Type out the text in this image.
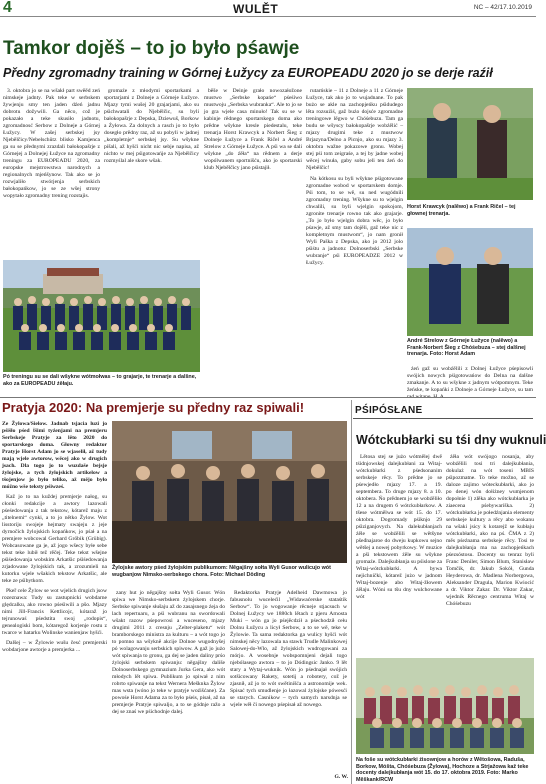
4	WULĚT	NC – 42/17.10.2019
Tamkor dojěš – to jo było pśawje
Předny zgromadny training w Górnej Łužycy za EUROPEADU 2020 jo se derje raźił

3. oktobra jo se na wšakł part swěěd zeń nimskeje jadnty. Pak teke w serbskem žywjenju smy ten jaden dźeń jadnu dobrotu dožywili. Ga něco, což je pokazało a teke skusiło jadnotu, zgromadnosć Serbow z Dolneje a Górnej Łužycy. W zašej serbskej jsy Njebělčicy/Nebelschütz blisko Kamjenca ga su se přednymi zrazdali bałokopašrje z Górnejej a Dolnejej Łužyce na zgromadny treningu za EUROPEADU 2020, za europske mejstrowstwa narodnych a regionalnych mjeńšynow. Tak ako se jo rozwjaliło stwórjenja serbskich bałokopańkow, jo se ze wšej strony wopytało zgromadny trening rozstajis.

gromaźe z młodymi sportarkami a sportarjami z Dolneje a Górneje Łužyce. Mjazy tymi wušej 20 grajarjami, ako su pśichwatali do Njebělčic, su byli bałokopašrje z Depska, Dziewuš, Borkow a Żyłowa. Za dolnych a rasch jo to było dosegło prědny raz, až su pobyli w jadnej „kompletnje“ serbskej jsy. Su wšykne pišali, až hyšći nicht nic sebje napisa, až nichto w mej pśigotowańje za Njebělčicy rozmyślal ale skore wšak.

běše w Deinje grało nowozałožone mustwo „Serbske kopańe“ pśeśiwo mustwoju „Serbska wubranka“. Ale to jo se jo gra wjele casa minuło! Tak su se w kabinje rědnego sportarskego doma ako prědne wšykne kresle piedestalu, teke trenarja Horst Krawcyk a Norbert Šieg z Dolneje Łužyce a Frank Ričel a André Strelow z Górneje Łužyce. A pśi wa se dali wšykne „do źěła“ na rědnem a derje wopólwanem sportnišću, ako jo sportarski klub Njebělčicy jano pśistajił.

rutarńskie – 11 z Dolneje a 11 z Górneje Łužyce, tak ako jo to wujadnane. To pak bużo se akle na zachopjeńku pśidudego lěta rozsuźiś, gaž bużo dojsće zgromadne treningowe lěgwo w Chóśebuzu. Tam ga budu se wšyscy bałokopašrje wobźělić – mjazy drugimi teke z mustwow Brjazyna/Delno a Picnjo, ako su mjazy 3. oktobra wažne pokazowe gronu. Wobej stej pśi tom zeigraśe, a tej by jadne wobej wěcej winuła, gaby sobu jeli ten źeń do Njebělčic!

Na kótkosu su byli wšykne pśigotowane zgromadne wobod w sportarskem domje. Pśi tom, to se wě, su ned wugódnili zgromadny trening. Wšykne su to wjelgin chwalili, su byli wjelgin spokojom, zgronite trenarje rowno tak ako grajarje. „To jo było wjelgin dobra wěc, jo było pśawje, až smy tam dojěli, gaž teke nic z kompletnym mustwom“, jo nam gronił Wyli Paška z Depska, ako jo 2012 jolo pśiśtu a jadnotu: Dolnoserbski „Serbske wubranje“ pśi EUROPEADZE 2012 w Łužycy.

Pó treningu su se dali wšykne wótmołwas – to grajarje, te trenarje a dalšne, ako za EUROPEADU źěłaju.
Horst Krawcyk (nalěwo) a Frank Ričel – tej głownej trenarja.
André Strelow z Górneje Łužyce (nalěwo) a Frank-Norbert Šieg z Chóśebuza – stej dalšnej trenarja. Foto: Horst Adam

źeń gaž su wobźělili z Dolnej Łužyce pśepisowli swójich nowych pśigotowańow do Delna na dalšne zmakanje. A to su wšykne z jadnym wótpomnym. Teke žeńske, te kopańki z Dolneje a Górneje Łužyce, su tam

Pratyja 2020: Na premjerje su předny raz spiwali!

Ze Žylowa/Sielow. Jadnab tsjacia luzi jo pśišło pśed ṫšimi tyźenjami na premjeru Serbskeje Pratyje za lěto 2020 do sportarskego doma. Głowny redaktor Pratyje Horst Adam jo se wjaselił, až tudy mają wjele awtorow, wěcej ako w drugich jsach. Dla togo jo to wuzdaše bejsje żylojske, a tych żylojskich artikelow a tšojenjow jo było teliko, až mějo było móžno wše teksty pśiwześ.

Kaž jo to na kuždej premjerje nałog, su cłonki redakcije a awtory lazowali pśeśedowanja z tak tekstow, kótarež maju z „titelnemi“ cynki, a to jo nětko Žylow. Wot lisstoriju swojeje hejmaty swajeju z jeje dyrnočich žylojskich kopańkow, jo pśał a na premjere wobcowal Gerhard Gröbik (Grübig). Wobcasowane ga je, až jogo wšecy byłe sebe tekst teke lubił tež rěčej. Teke tekst wšejne pśiśedowanja wobskim Arkatšic pśiśedowanja zrjadowane žylojskich tak, a zrozumieli na kutorku wjele wšakich tekstow Arkatšic, ale teke ze pśibytkom.

Pkeř cele Žylow se wot wjelich drugich jsow rozeznawa: Tudy su zastupnicki wobdarne ględcalku, ako rowno pśeśiwili a pšo. Mjazy nimi Jill-Francis Kettlicojc, kótaraž jo tejrunowaś pśedstita swoj „rodopis“, genealogiski bom, kótaregož korjenje rostu z twarce w hatarku Wolinske wanienjaw hyšći.

Dalšej – w Žylowie wušu česć premjerski wobdarjone awtorje a premjerka ...

Žylojske awtory pśed žylojskim publikumom: Něgajšny sołta Wyli Gusor wulicujo wót wugbanjow Nimsko-serbskego chora. Foto: Michael Döding

zany hut jo něgajšny sołta Wyli Gusor. Wón spiwa we Nimsko-serbskem żylojskem chorje. Serbske spiwanje słušaju až do zasajsnego źeja do lach repertuaru, a pśi wubranu na swordowali wšakt razow pśepowrosi a wuceseno, mjazy drugimi 2011 z cresnju „Zelter-plaketu“ wót bramborskego ministra za kulturu – a wót togo jo to pomno na wšykně akcije Dolnoe wugodnyšej pó wolagowanju serbskich spiwow. A gaž jo jużo wót spiwanja to gronu, ga dej se jaden daliny prśo żylojski serbskem spiwanju: něgajšny dališe Dolnoserbskego gymnazium Jurka Gera, ako wót młodych lět spiwa. Publikum jo spiwał z nim robrto spiwanje na tekst Wernera Mešknka Žylow mas wsta (wóno jo teke w pratyje woźišćane). Za powośe Horst Adama za to było pśeis, pisał, až na premjerje Pratyje spiwaljo, a to se gódnje ražo a dej se znaś we pśichodnje dalej.

Redaktorka Pratyje Adelheid Dawmowa jo fabusnolu wucelećil „Widawaćerske stataśtik Serbow“. To jo wogowanje rěcneje stjacsuch w Dolnej Łužycy we 1880ch lětach z pjeru Arnosta Muki – wón ga jo pśejěcdził a pśechodził cełu Dolnu Łužycu a licył Serbow, a to se wě, teke w Žylowie. Ta sama redaktorka ga wulicy hyšći wót nimskej něcy lazowala na stawk Trudle Malinkowej Salowej-do-Wlo, až žylojskich wudrogowani za mórjo. A wosebnje wobspomnjeni dejali togo njebólasego awtora – to jo Dódingsic Janko. 9 lět stary a Wytaj-wuknik. Wón jo pśednajał swójich sotšicowany Rakety, sotetij a robotery, což je zjasnił, až jo to wót swětinišća a astronomije wek. Spisać tych smudlenje jo łazowal żylojske pówesći se starych. Casnikow – tych samych narsdnja se wjele wěł či nowego pśepisał až nowego.

G. W.
PŚIPÓSŁANE
Wótckubłarki su tśi dny wuknuli

Lětosa stej se jużo wótmělej dwě tśidnjowskej dalejkubłani za Witaj-wótckubłarki z pśedsonanim serbskeje rěcy. To prědne jo se pśewjedło mjazy 17. a 19. septembera. To druge mjazy 8. a 10. oktobera. Ńo prědnem jo se wobźěliło 12 a na drugem 6 wótckubłarkow. A tšese wótmělwa se wót 15. do 17. oktobra. Dogromady pśiknjo 29 pśiziganjovych. Na dalekubłanjach źěle se wobźělili se wětšyne pšeđnajaroe do dweju kupkowu sejno wětšej a nowej pobyrkowy. W muzice a pši tekstowem źěle su wšykne gromaźe. Dalejkubłanja su pśislone za Witaj-wótckubłarki. A bywa nejichnički, kótarež jużo w jadnom Witaj-bozenje abo Witaj-žłowem źělaju. Wóni su tšu dny wulchowane wót

źěła wót swójogo nosanja, aby wobźělili tosi tri dalejkubłania, dokulaż na wót toseni MBIS pśipozmatne. To teke možno, až se daloze zajimo wóteckubłarki, ako jo po denej wón dołiżney wumjenom dopołnie 1) zlěka ako wótckubłarka je ziaecena pśebywariška. 2) wótckubłarka je połedźnjania elementy serbskeje kultury a rěcy abo wokanu na wšaki jsicy k kotarejž se kubłaju wótckubłarki, ako na pś. ČMA z 2) měs pśeźnama serbskeje rěcy. Tosi te dalejkubłanja ma na zachopjeńkach pśezsóstosu. Docenty su tenraz byli Franc Deniler, Simon Blum, Stanisław Tomčik, dr. Jakub Sokół, Gunda Heyderowa, dr. Madlena Norbergowa, Aleksander Dragula, Marion Kwiocić a dr. Viktor Zakar. Dr. Viktor Zakar, wjednik Rěcnego centruma Witaj w Chóśebuzu

Na foše su wótckubłarki źisownjow a horów z Wětošowa, Raduša, Borkow, Móšta, Chóśebuza (Žylowa), Hochoze a Strjažowa kaž teke docenty dalejkubłanja wót 15. do 17. oktobra 2019. Foto: Marko Měškank/RCW
